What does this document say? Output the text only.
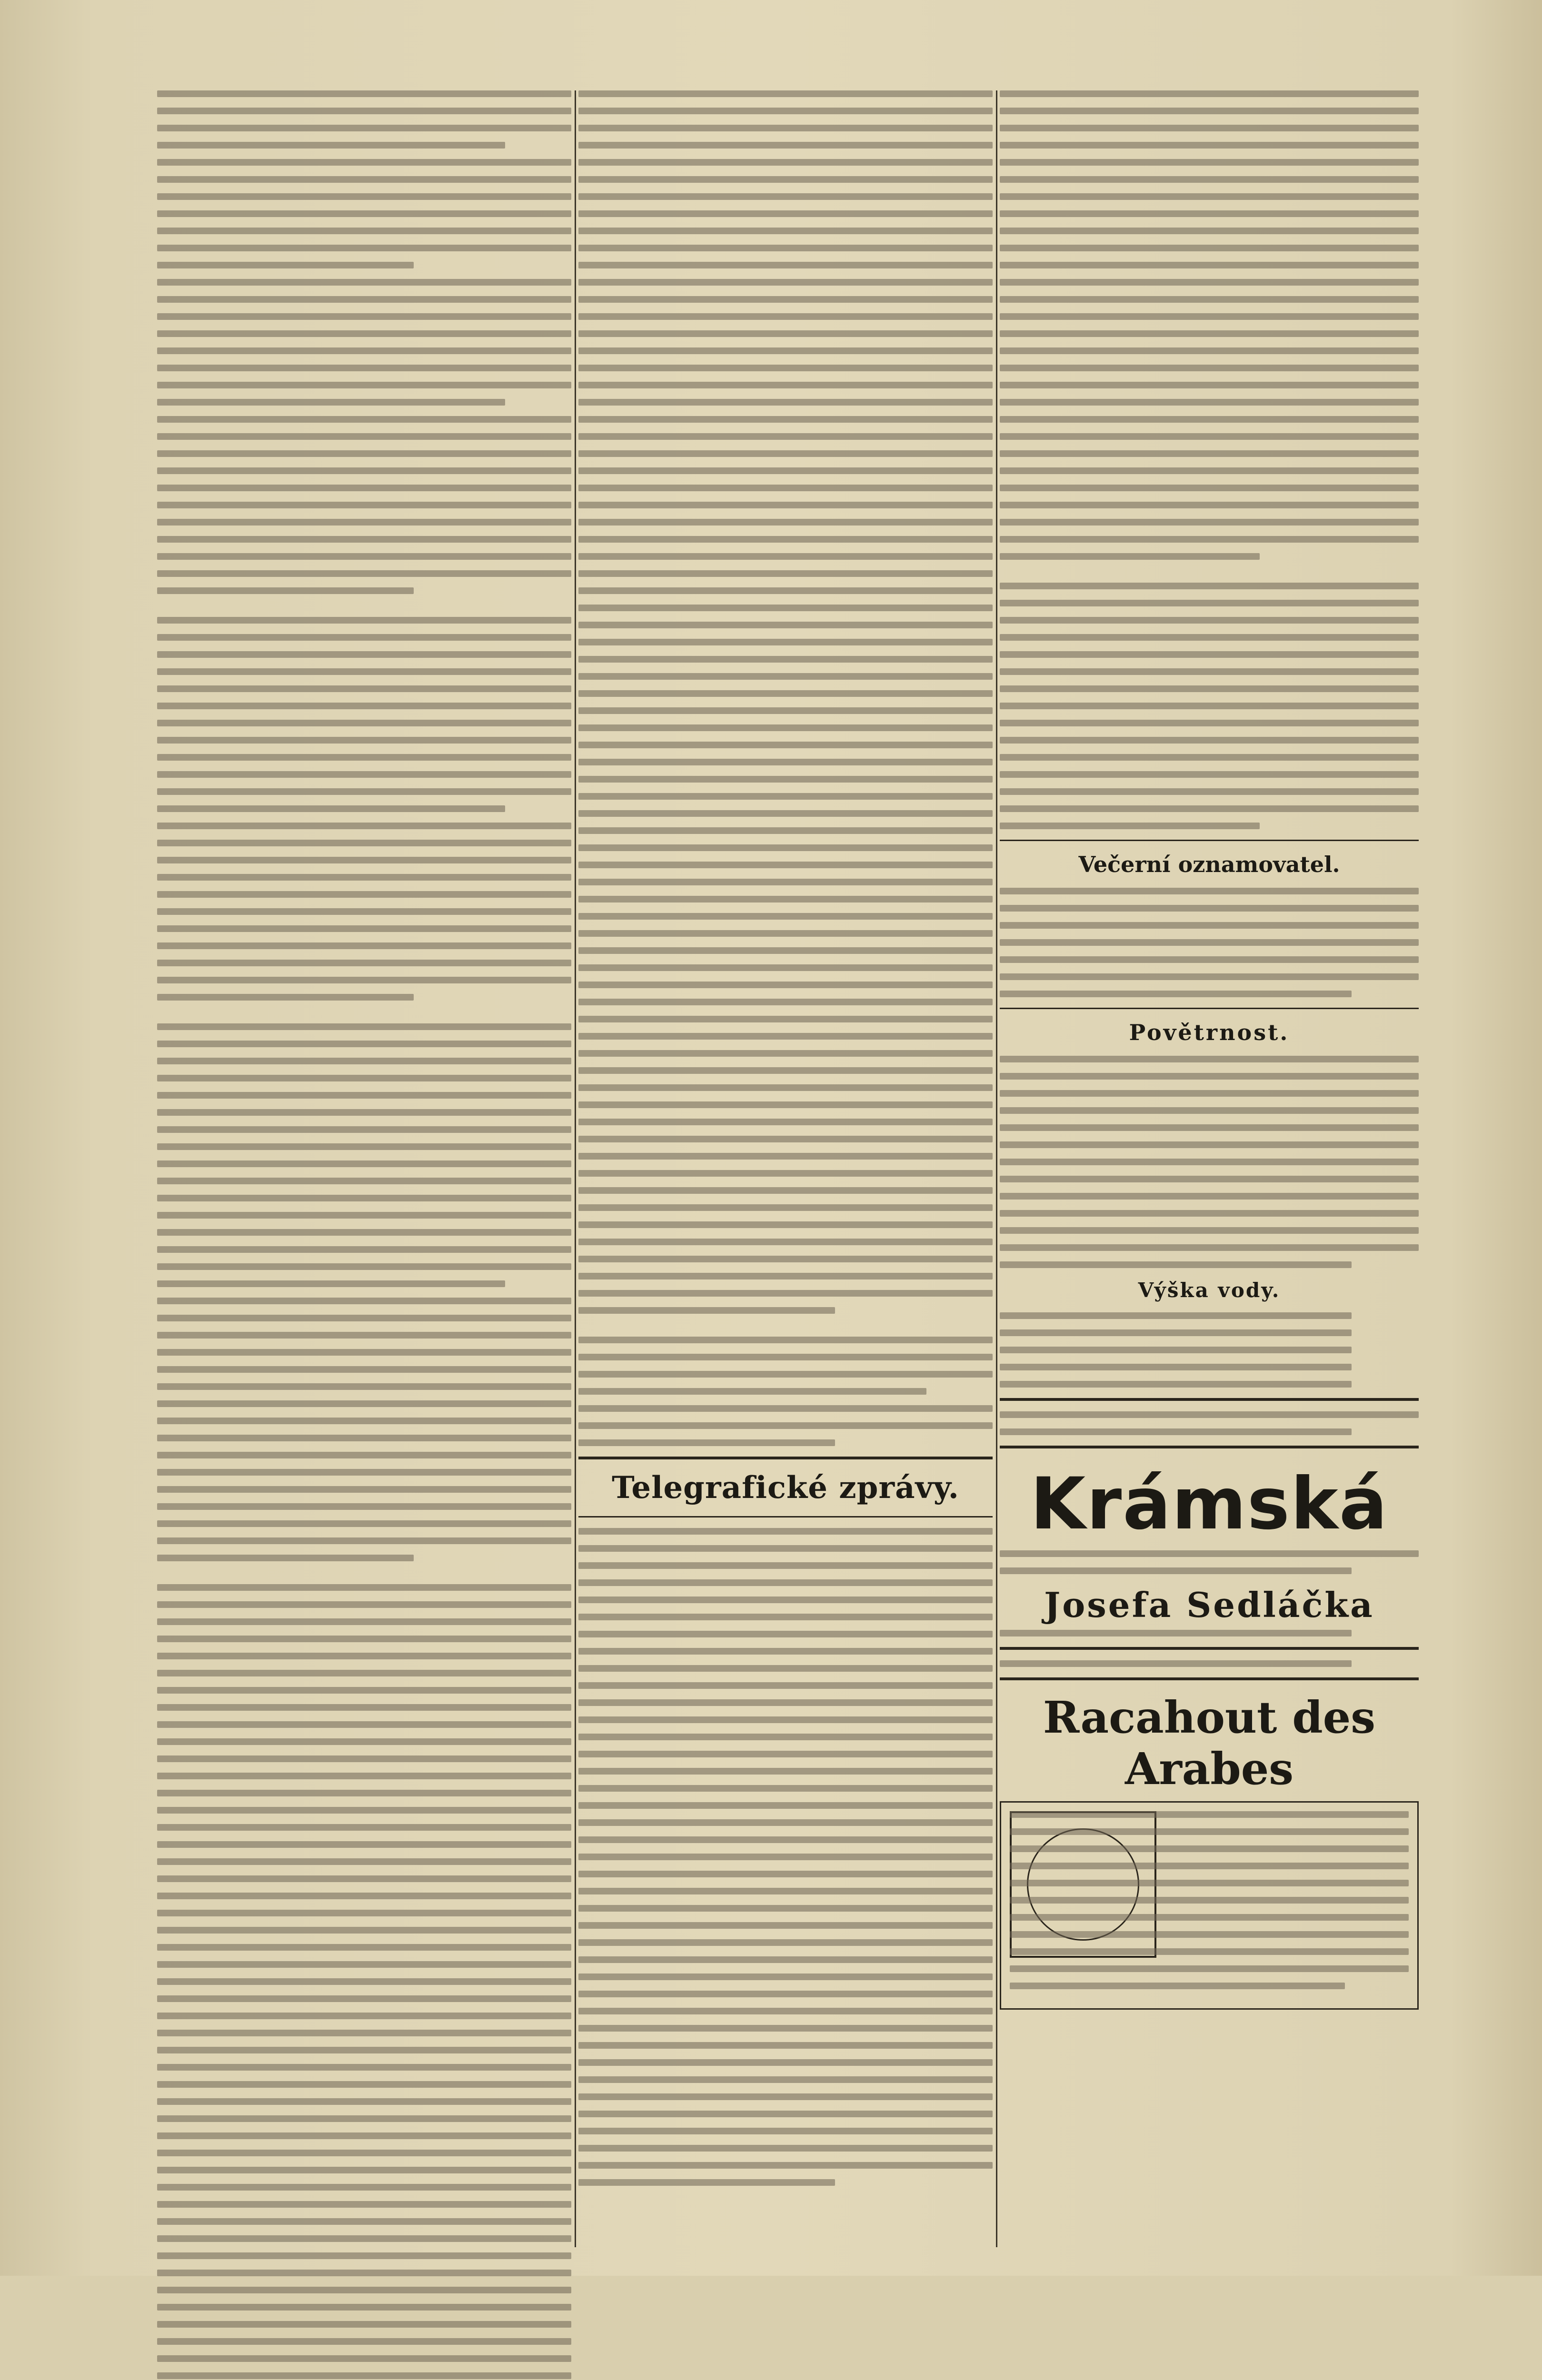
Telegrafické zprávy.
Večerní oznamovatel.
Povětrnost.
Výška vody.
Krámská
Josefa Sedláčka
Racahout des Arabes
